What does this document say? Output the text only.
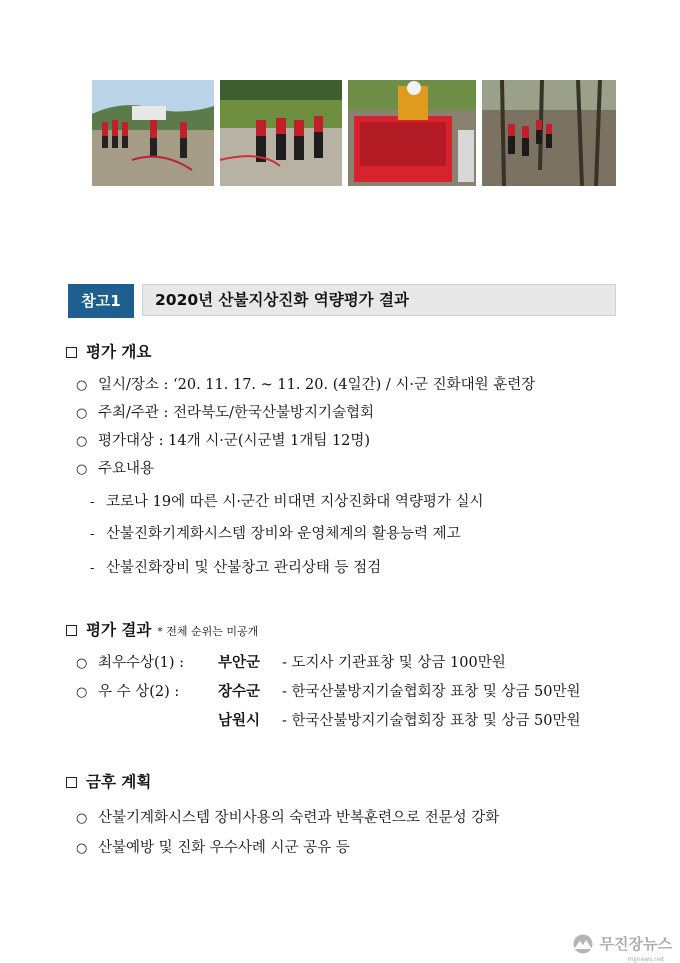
참고1	2020년 산불지상진화 역량평가 결과
평가 개요
○ 일시/장소 : ‘20. 11. 17. ~ 11. 20. (4일간) / 시·군 진화대원 훈련장
○ 주최/주관 : 전라북도/한국산불방지기술협회
○ 평가대상 : 14개 시·군(시군별 1개팀 12명)
○ 주요내용
- 코로나 19에 따른 시·군간 비대면 지상진화대 역량평가 실시
- 산불진화기계화시스템 장비와 운영체계의 활용능력 제고
- 산불진화장비 및 산불창고 관리상태 등 점검
평가 결과 * 전체 순위는 미공개
○ 최우수상(1) : 부안군 - 도지사 기관표창 및 상금 100만원
○ 우 수 상(2) :	장수군 - 한국산불방지기술협회장 표창 및 상금 50만원
남원시 - 한국산불방지기술협회장 표창 및 상금 50만원
금후 계획
○ 산불기계화시스템 장비사용의 숙련과 반복훈련으로 전문성 강화
○ 산불예방 및 진화 우수사례 시군 공유 등
무진장뉴스
mjjnews.net
